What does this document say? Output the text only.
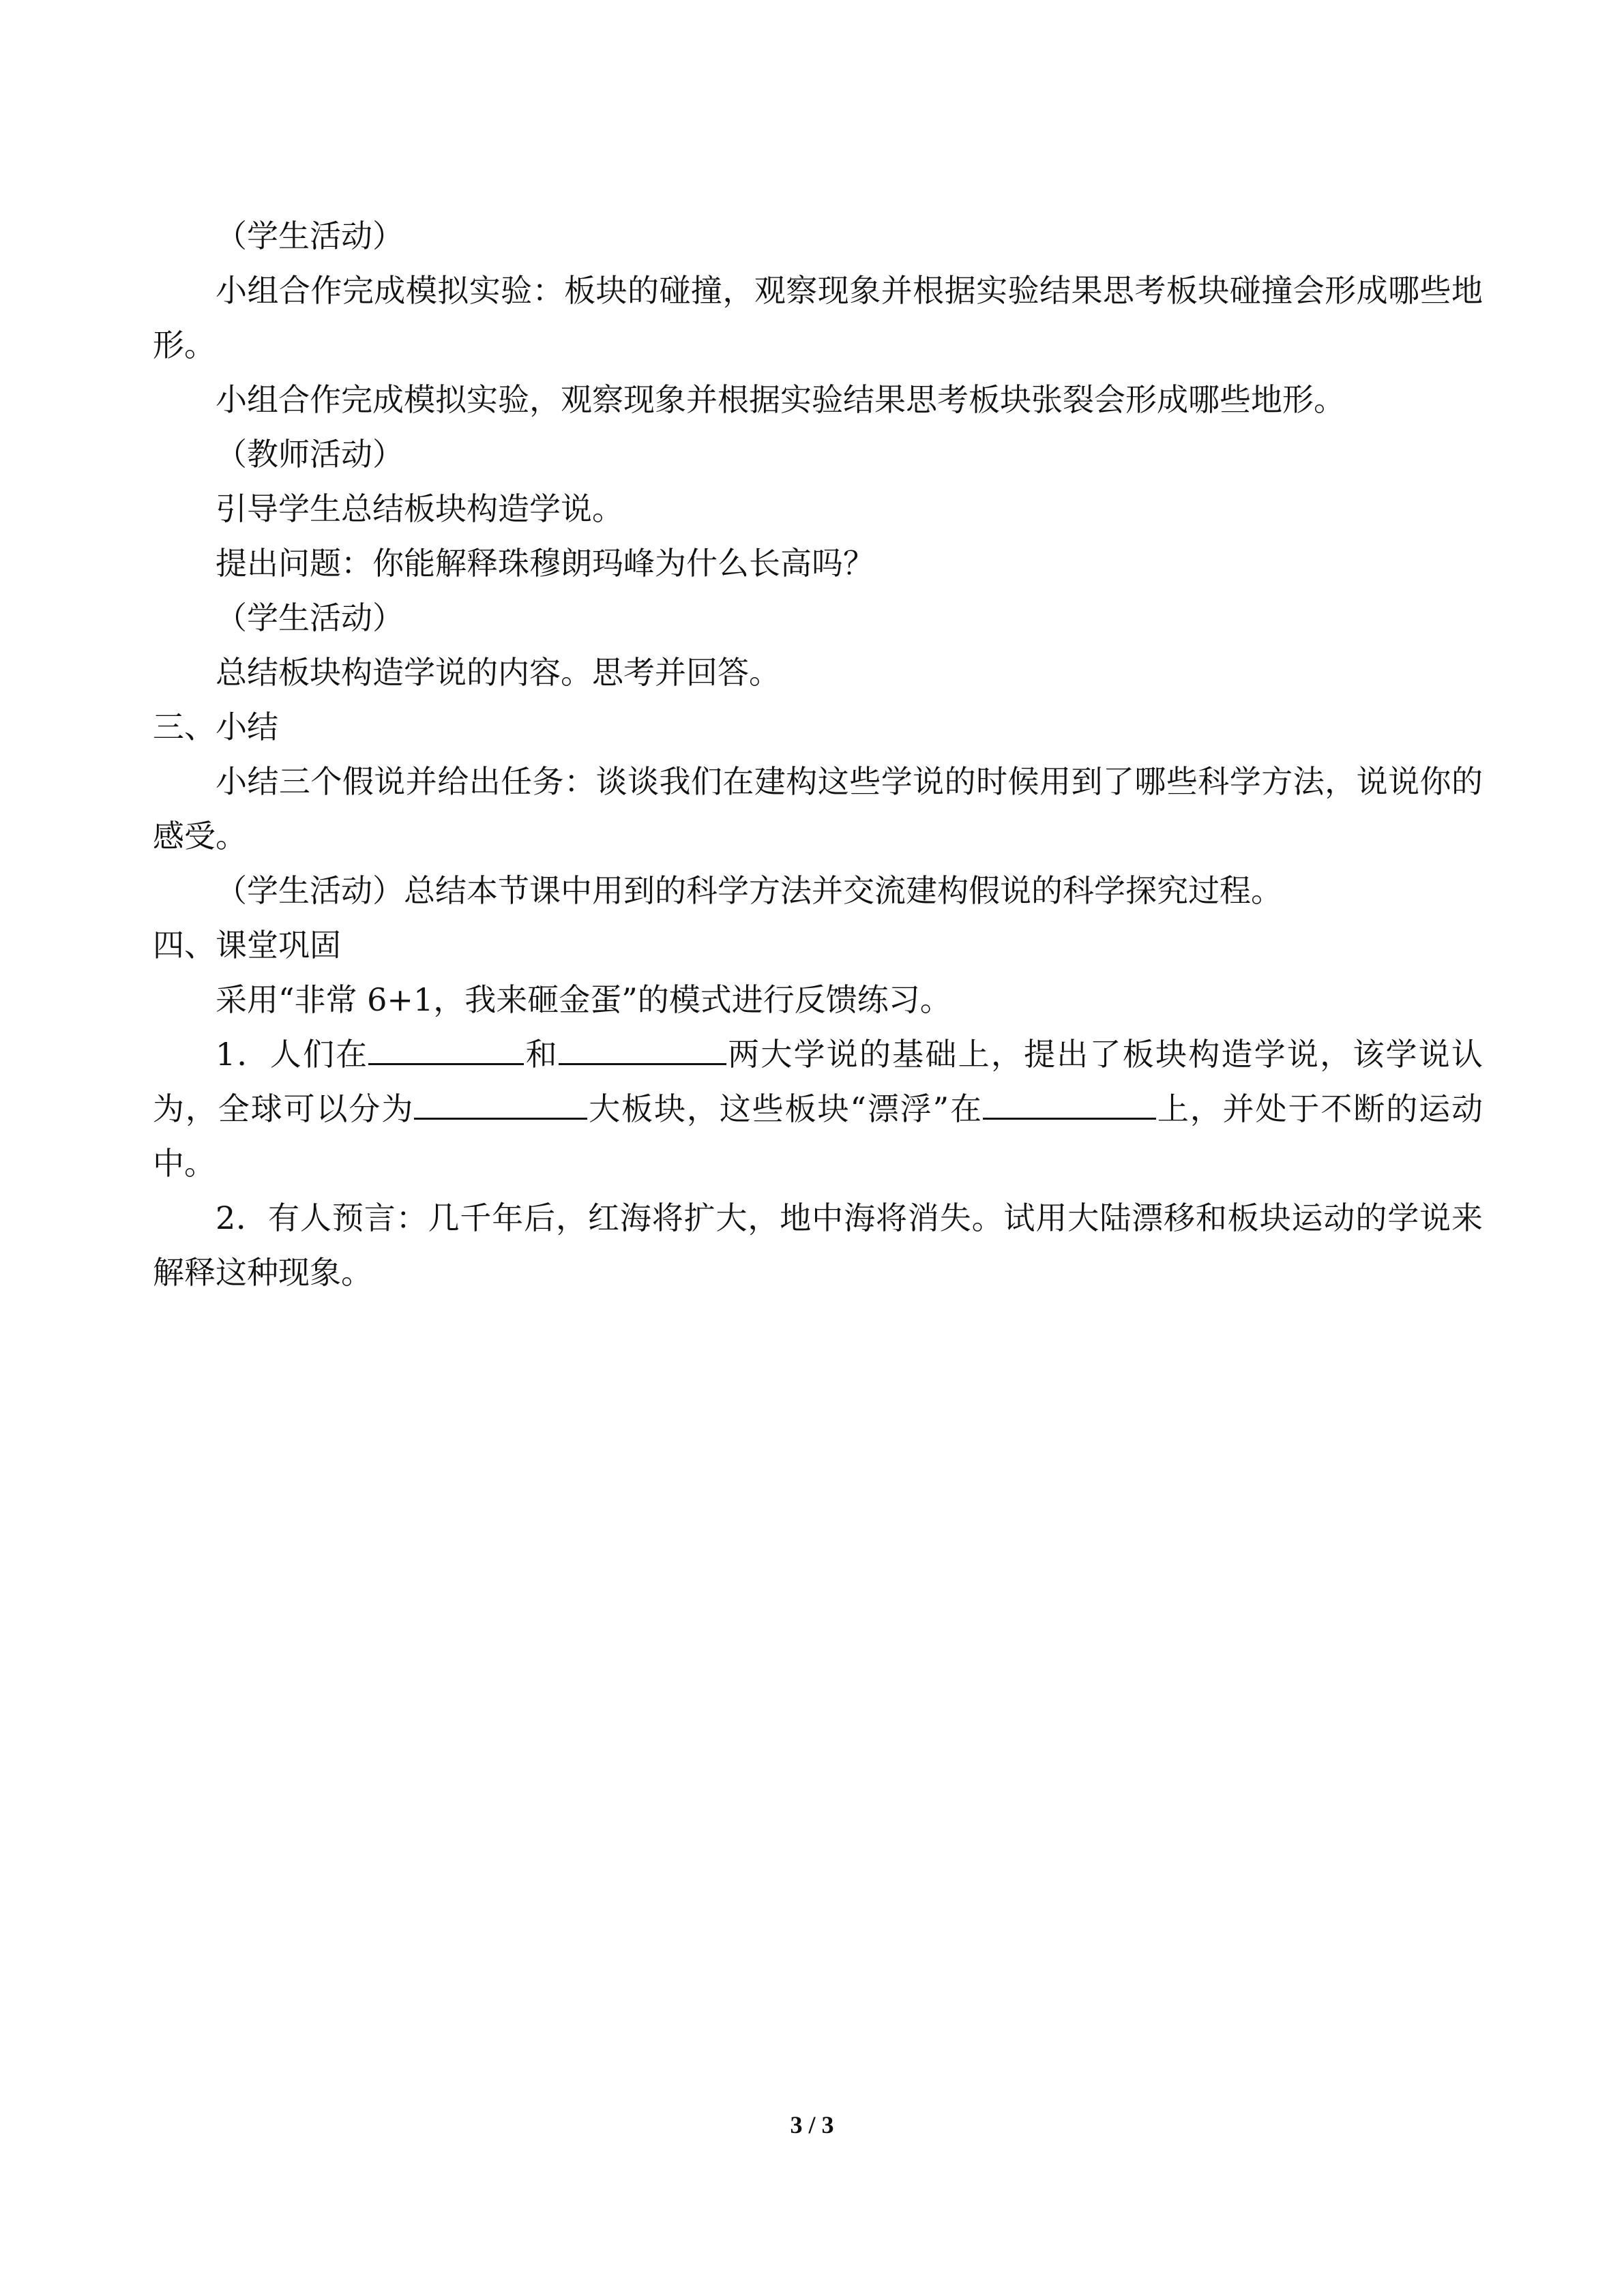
（学生活动）

小组合作完成模拟实验：板块的碰撞，观察现象并根据实验结果思考板块碰撞会形成哪些地形。

小组合作完成模拟实验，观察现象并根据实验结果思考板块张裂会形成哪些地形。

（教师活动）

引导学生总结板块构造学说。

提出问题：你能解释珠穆朗玛峰为什么长高吗？

（学生活动）

总结板块构造学说的内容。思考并回答。

三、小结

小结三个假说并给出任务：谈谈我们在建构这些学说的时候用到了哪些科学方法，说说你的感受。

（学生活动）总结本节课中用到的科学方法并交流建构假说的科学探究过程。

四、课堂巩固

采用“非常 6+1，我来砸金蛋”的模式进行反馈练习。

1．人们在	和	两大学说的基础上，提出了板块构造学说，该学说认为，全球可以分为	大板块，这些板块“漂浮”在	上，并处于不断的运动中。

2．有人预言：几千年后，红海将扩大，地中海将消失。试用大陆漂移和板块运动的学说来解释这种现象。

3 / 3
